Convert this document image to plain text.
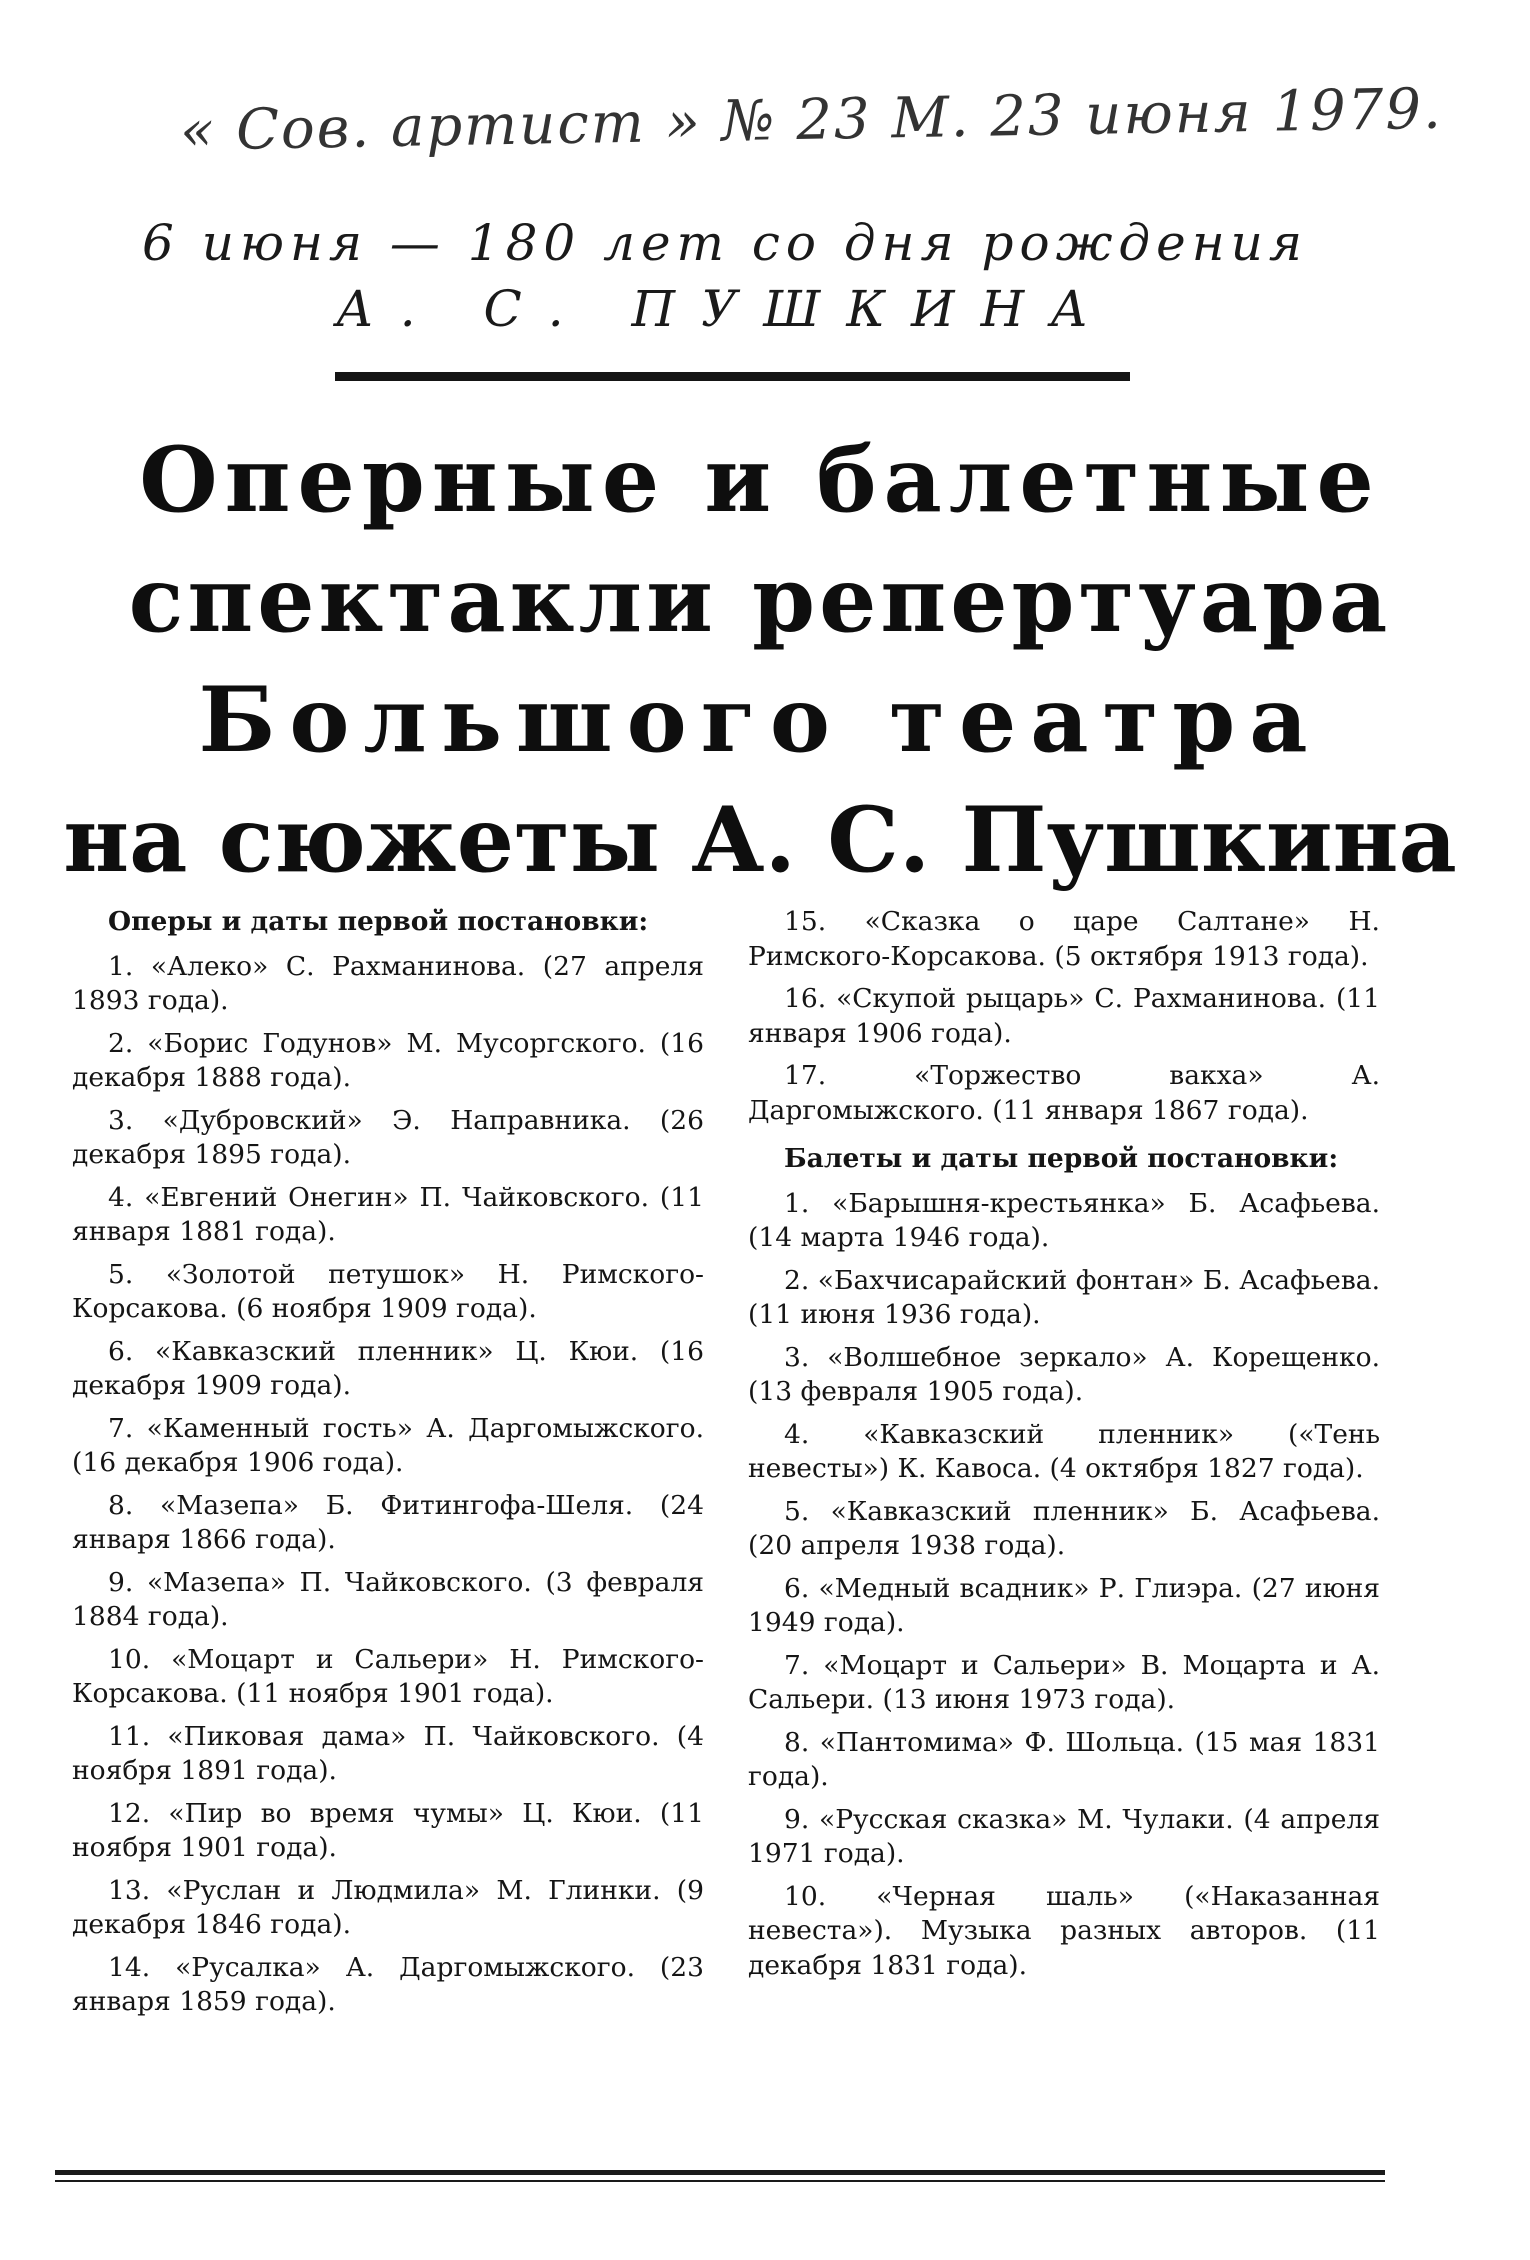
« Сов. артист » № 23 М. 23 июня 1979.
6 июня — 180 лет со дня рождения
А. С. ПУШКИНА
Оперные и балетные
спектакли репертуара
Большого театра
на сюжеты А. С. Пушкина

Оперы и даты первой постановки:

1. «Алеко» С. Рахманинова. (27 апреля 1893 года).

2. «Борис Годунов» М. Мусоргского. (16 декабря 1888 года).

3. «Дубровский» Э. Направника. (26 декабря 1895 года).

4. «Евгений Онегин» П. Чайковского. (11 января 1881 года).

5. «Золотой петушок» Н. Римского-Корсакова. (6 ноября 1909 года).

6. «Кавказский пленник» Ц. Кюи. (16 декабря 1909 года).

7. «Каменный гость» А. Даргомыжского. (16 декабря 1906 года).

8. «Мазепа» Б. Фитингофа-Шеля. (24 января 1866 года).

9. «Мазепа» П. Чайковского. (3 февраля 1884 года).

10. «Моцарт и Сальери» Н. Римского-Корсакова. (11 ноября 1901 года).

11. «Пиковая дама» П. Чайковского. (4 ноября 1891 года).

12. «Пир во время чумы» Ц. Кюи. (11 ноября 1901 года).

13. «Руслан и Людмила» М. Глинки. (9 декабря 1846 года).

14. «Русалка» А. Даргомыжского. (23 января 1859 года).

15. «Сказка о царе Салтане» Н. Римского-Корсакова. (5 октября 1913 года).

16. «Скупой рыцарь» С. Рахманинова. (11 января 1906 года).

17. «Торжество вакха» А. Даргомыжского. (11 января 1867 года).

Балеты и даты первой постановки:

1. «Барышня-крестьянка» Б. Асафьева. (14 марта 1946 года).

2. «Бахчисарайский фонтан» Б. Асафьева. (11 июня 1936 года).

3. «Волшебное зеркало» А. Корещенко. (13 февраля 1905 года).

4. «Кавказский пленник» («Тень невесты») К. Кавоса. (4 октября 1827 года).

5. «Кавказский пленник» Б. Асафьева. (20 апреля 1938 года).

6. «Медный всадник» Р. Глиэра. (27 июня 1949 года).

7. «Моцарт и Сальери» В. Моцарта и А. Сальери. (13 июня 1973 года).

8. «Пантомима» Ф. Шольца. (15 мая 1831 года).

9. «Русская сказка» М. Чулаки. (4 апреля 1971 года).

10. «Черная шаль» («Наказанная невеста»). Музыка разных авторов. (11 декабря 1831 года).
